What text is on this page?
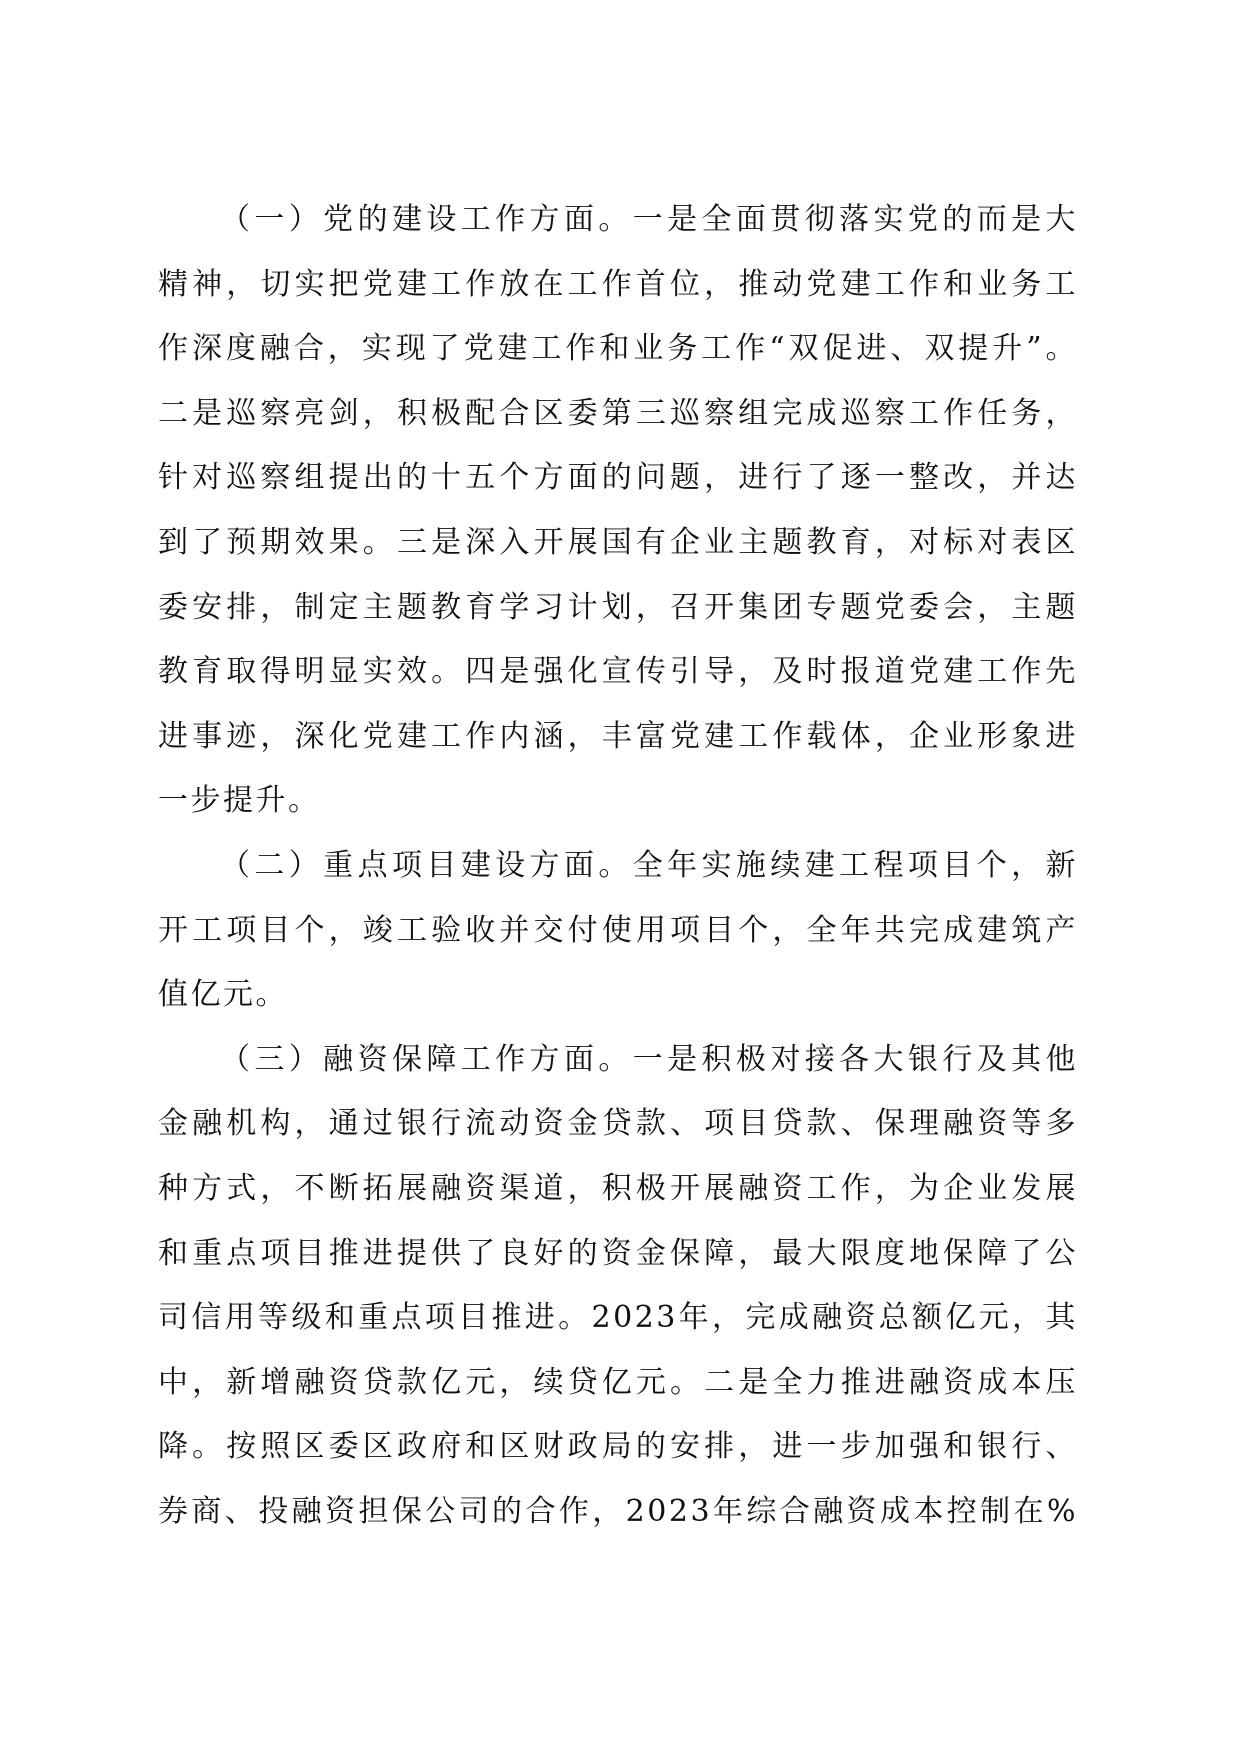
（一）党的建设工作方面。一是全面贯彻落实党的而是大
精神，切实把党建工作放在工作首位，推动党建工作和业务工
作深度融合，实现了党建工作和业务工作“双促进、双提升”。
二是巡察亮剑，积极配合区委第三巡察组完成巡察工作任务，
针对巡察组提出的十五个方面的问题，进行了逐一整改，并达
到了预期效果。三是深入开展国有企业主题教育，对标对表区
委安排，制定主题教育学习计划，召开集团专题党委会，主题
教育取得明显实效。四是强化宣传引导，及时报道党建工作先
进事迹，深化党建工作内涵，丰富党建工作载体，企业形象进
一步提升。
（二）重点项目建设方面。全年实施续建工程项目个，新
开工项目个，竣工验收并交付使用项目个，全年共完成建筑产
值亿元。
（三）融资保障工作方面。一是积极对接各大银行及其他
金融机构，通过银行流动资金贷款、项目贷款、保理融资等多
种方式，不断拓展融资渠道，积极开展融资工作，为企业发展
和重点项目推进提供了良好的资金保障，最大限度地保障了公
司信用等级和重点项目推进。2023年，完成融资总额亿元，其
中，新增融资贷款亿元，续贷亿元。二是全力推进融资成本压
降。按照区委区政府和区财政局的安排，进一步加强和银行、
券商、投融资担保公司的合作，2023年综合融资成本控制在%
